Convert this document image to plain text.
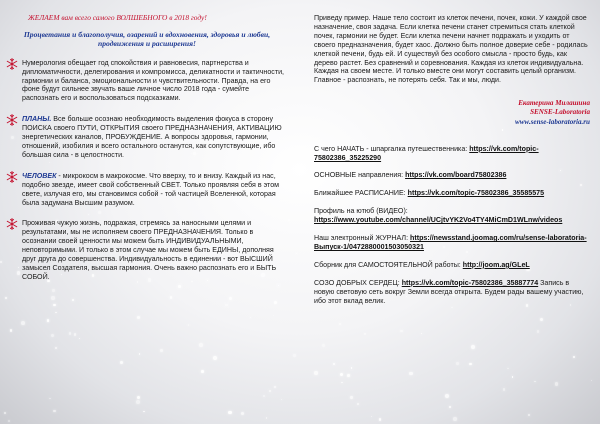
ЖЕЛАЕМ вам всего самого ВОЛШЕБНОГО в 2018 году!

Процветания и благополучия, озарений и вдохновения, здоровья и любви, продвижения и расширения!

Нумерология обещает год спокойствия и равновесия, партнерства и дипломатичности, делегирования и компромисса, деликатности и тактичности, гармонии и баланса, эмоциональности и чувствительности. Правда, на его фоне будут сильнее звучать ваше личное число 2018 года - сумейте распознать его и воспользоваться подсказками.
ПЛАНЫ. Все больше осознаю необходимость выделения фокуса в сторону ПОИСКА своего ПУТИ, ОТКРЫТИЯ своего ПРЕДНАЗНАЧЕНИЯ, АКТИВАЦИЮ энергетических каналов, ПРОБУЖДЕНИЕ. А вопросы здоровья, гармонии, отношений, изобилия и всего остального останутся, как сопутствующие, ибо большая сила - в целостности.
ЧЕЛОВЕК - микрокосм в макрокосме. Что вверху, то и внизу. Каждый из нас, подобно звезде, имеет свой собственный СВЕТ. Только проявляя себя в этом свете, излучая его, мы становимся собой - той частицей Вселенной, которая была задумана Высшим разумом.
Проживая чужую жизнь, подражая, стремясь за наносными целями и результатами, мы не исполняем своего ПРЕДНАЗНАЧЕНИЯ. Только в осознании своей ценности мы можем быть ИНДИВИДУАЛЬНЫМИ, неповторимыми. И только в этом случае мы можем быть ЕДИНЫ, дополняя друг друга до совершенства. Индивидуальность в единении - вот ВЫСШИЙ замысел Создателя, высшая гармония. Очень важно распознать его и БЫТЬ СОБОЙ.

Приведу пример. Наше тело состоит из клеток печени, почек, кожи. У каждой свое назначение, своя задача. Если клетка печени станет стремиться стать клеткой почек, гармонии не будет. Если клетка печени начнет подражать и уходить от своего предназначения, будет хаос. Должно быть полное доверие себе - родилась клеткой печени, будь ей. И существуй без особого смысла - просто будь, как дерево растет. Без сравнений и соревнования. Каждая из клеток индивидуальна. Каждая на своем месте. И только вместе они могут составить целый организм. Главное - распознать, не потерять себя. Так и мы, люди.

Екатерина Милашина
SENSE-Laboratoria
www.sense-laboratoria.ru

С чего НАЧАТЬ - шпаргалка путешественника: https://vk.com/topic-75802386_35225290

ОСНОВНЫЕ направления: https://vk.com/board75802386

Ближайшее РАСПИСАНИЕ: https://vk.com/topic-75802386_35585575

Профиль на ютюб (ВИДЕО): https://www.youtube.com/channel/UCjtvYK2Vo4TY4MiCmD1WLnw/videos

Наш электронный ЖУРНАЛ: https://newsstand.joomag.com/ru/sense-laboratoria-Выпуск-1/0472880001503050321

Сборник для САМОСТОЯТЕЛЬНОЙ работы: http://joom.ag/GLeL

СОЗО ДОБРЫХ СЕРДЕЦ: https://vk.com/topic-75802386_35887774 Запись в новую световую сеть вокруг Земли всегда открыта. Будем рады вашему участию, ибо этот вклад велик.
